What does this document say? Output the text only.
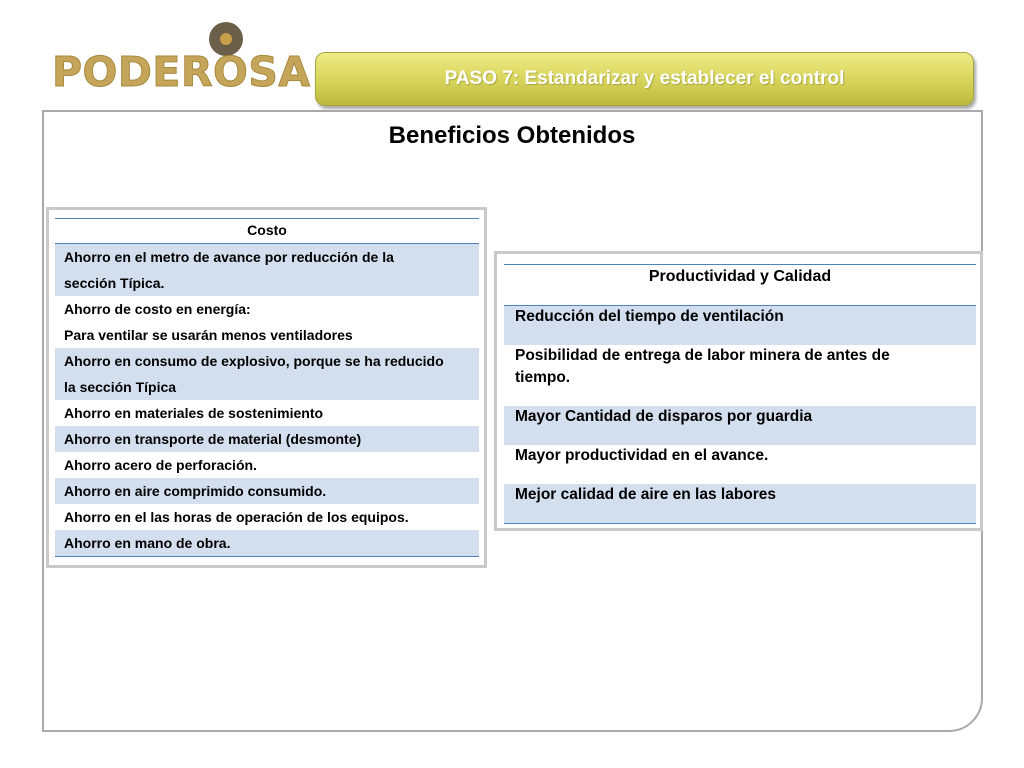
PODEROSA	PASO 7: Estandarizar y establecer el control
Beneficios Obtenidos
Costo
Ahorro en el metro de avance por reducción de la
sección Típica.
Ahorro de costo en energía:
Para ventilar se usarán menos ventiladores
Ahorro en consumo de explosivo, porque se ha reducido
la sección Típica
Ahorro en materiales de sostenimiento
Ahorro en transporte de material (desmonte)
Ahorro acero de perforación.
Ahorro en aire comprimido consumido.
Ahorro en el las horas de operación de los equipos.
Ahorro en mano de obra.
Productividad y Calidad
Reducción del tiempo de ventilación
Posibilidad de entrega de labor minera de antes de
tiempo.
Mayor Cantidad de disparos por guardia
Mayor productividad en el avance.
Mejor calidad de aire en las labores
